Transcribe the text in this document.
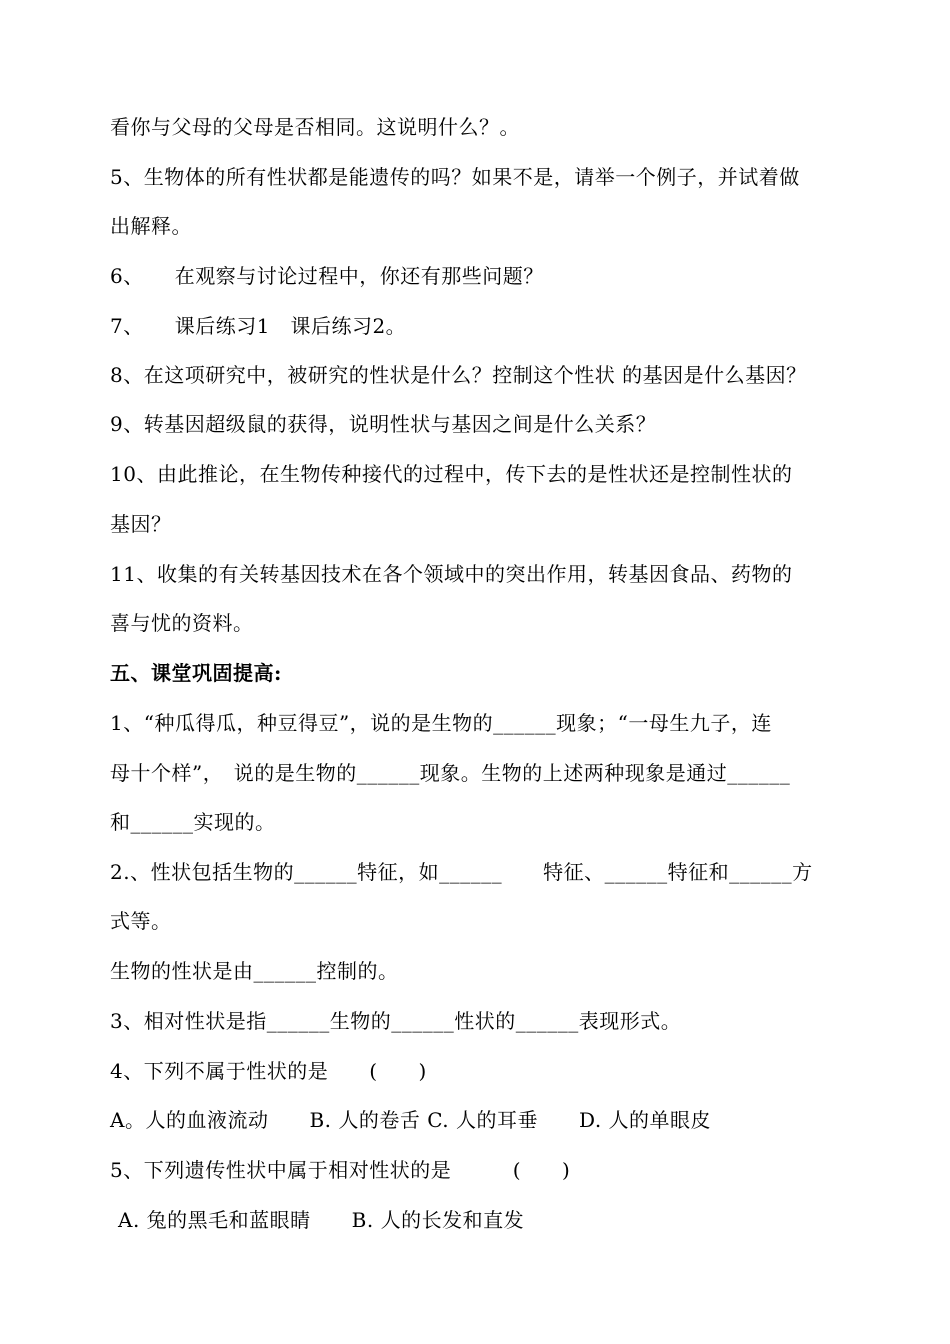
看你与父母的父母是否相同。这说明什么？。
5、生物体的所有性状都是能遗传的吗？如果不是，请举一个例子，并试着做
出解释。
6、　　在观察与讨论过程中，你还有那些问题？
7、　　课后练习1　课后练习2。
8、在这项研究中，被研究的性状是什么？控制这个性状 的基因是什么基因？
9、转基因超级鼠的获得，说明性状与基因之间是什么关系？
10、由此推论，在生物传种接代的过程中，传下去的是性状还是控制性状的
基因？
11、收集的有关转基因技术在各个领域中的突出作用，转基因食品、药物的
喜与忧的资料。
五、课堂巩固提高:
1、“种瓜得瓜，种豆得豆”，说的是生物的______现象；“一母生九子，连
母十个样”，　说的是生物的______现象。生物的上述两种现象是通过______
和______实现的。
2.、性状包括生物的______特征，如______　　特征、______特征和______方
式等。
生物的性状是由______控制的。
3、相对性状是指______生物的______性状的______表现形式。
4、下列不属于性状的是　　(　　)
A。人的血液流动　　B. 人的卷舌 C. 人的耳垂　　D. 人的单眼皮
5、下列遗传性状中属于相对性状的是　　　(　　)
A. 兔的黑毛和蓝眼睛　　B. 人的长发和直发
